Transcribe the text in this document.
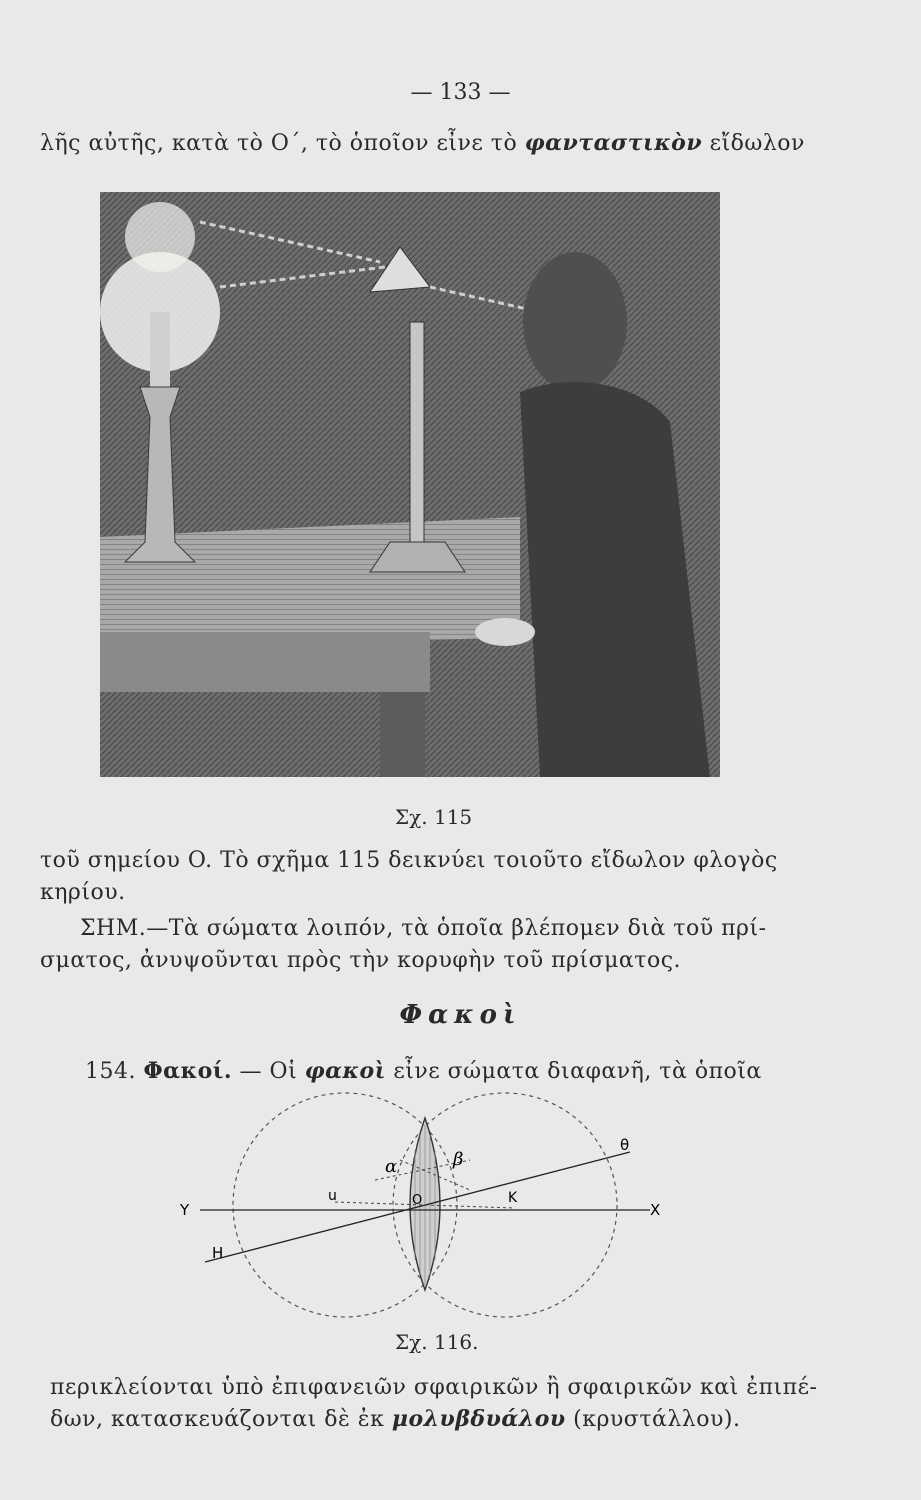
— 133 —
λῆς αὐτῆς, κατὰ τὸ O΄, τὸ ὁποῖον εἶνε τὸ φανταστικὸν εἴδωλον
Σχ. 115
τοῦ σημείου O. Τὸ σχῆμα 115 δεικνύει τοιοῦτο εἴδωλον φλογὸς
κηρίου.
ΣΗΜ.—Τὰ σώματα λοιπόν, τὰ ὁποῖα βλέπομεν διὰ τοῦ πρί-
σματος, ἀνυψοῦνται πρὸς τὴν κορυφὴν τοῦ πρίσματος.
Φακοὶ
154. Φακοί. — Οἱ φακοὶ εἶνε σώματα διαφανῆ, τὰ ὁποῖα
α	β
θ
Y	X
u	O	K
H
Σχ. 116.
περικλείονται ὑπὸ ἐπιφανειῶν σφαιρικῶν ἢ σφαιρικῶν καὶ ἐπιπέ-
δων, κατασκευάζονται δὲ ἐκ μολυβδυάλου (κρυστάλλου).
